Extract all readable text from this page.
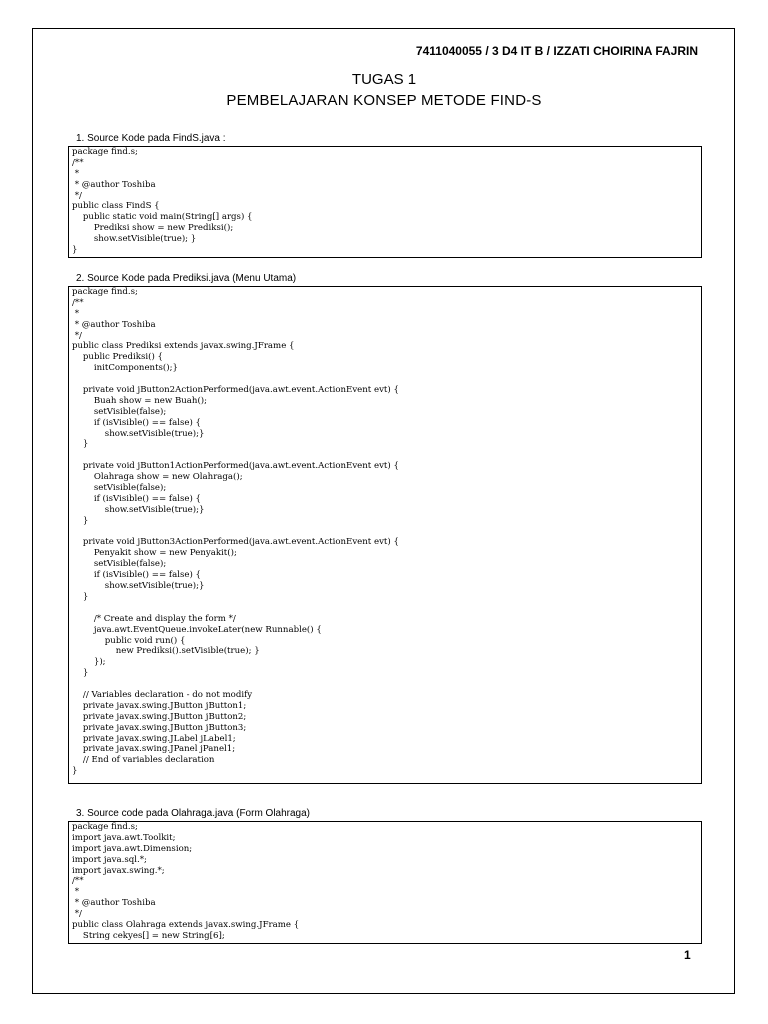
7411040055 / 3 D4 IT B / IZZATI CHOIRINA FAJRIN
TUGAS 1
PEMBELAJARAN KONSEP METODE FIND-S
1. Source Kode pada FindS.java :
package find.s;
/**
*
* @author Toshiba
*/
public class FindS {
public static void main(String[] args) {
Prediksi show = new Prediksi();
show.setVisible(true); }
}
2. Source Kode pada Prediksi.java (Menu Utama)
package find.s;
/**
*
* @author Toshiba
*/
public class Prediksi extends javax.swing.JFrame {
public Prediksi() {
initComponents();}
private void jButton2ActionPerformed(java.awt.event.ActionEvent evt) {
Buah show = new Buah();
setVisible(false);
if (isVisible() == false) {
show.setVisible(true);}
}
private void jButton1ActionPerformed(java.awt.event.ActionEvent evt) {
Olahraga show = new Olahraga();
setVisible(false);
if (isVisible() == false) {
show.setVisible(true);}
}
private void jButton3ActionPerformed(java.awt.event.ActionEvent evt) {
Penyakit show = new Penyakit();
setVisible(false);
if (isVisible() == false) {
show.setVisible(true);}
}
/* Create and display the form */
java.awt.EventQueue.invokeLater(new Runnable() {
public void run() {
new Prediksi().setVisible(true); }
});
}
// Variables declaration - do not modify
private javax.swing.JButton jButton1;
private javax.swing.JButton jButton2;
private javax.swing.JButton jButton3;
private javax.swing.JLabel jLabel1;
private javax.swing.JPanel jPanel1;
// End of variables declaration
}
3. Source code pada Olahraga.java (Form Olahraga)
package find.s;
import java.awt.Toolkit;
import java.awt.Dimension;
import java.sql.*;
import javax.swing.*;
/**
*
* @author Toshiba
*/
public class Olahraga extends javax.swing.JFrame {
String cekyes[] = new String[6];
1
